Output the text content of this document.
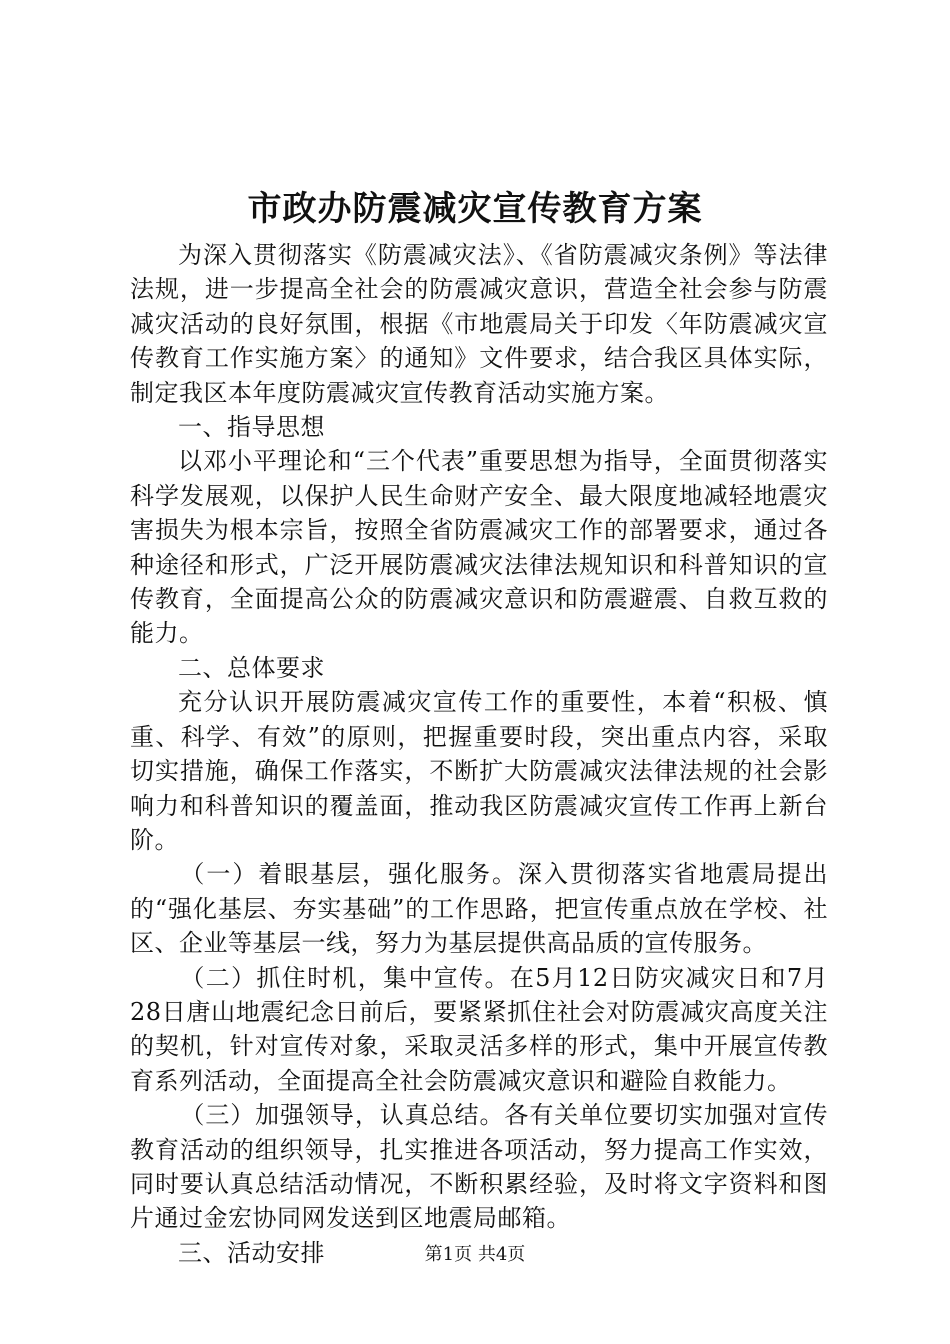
市政办防震减灾宣传教育方案

为深入贯彻落实《防震减灾法》、《省防震减灾条例》等法律法规，进一步提高全社会的防震减灾意识，营造全社会参与防震减灾活动的良好氛围，根据《市地震局关于印发〈年防震减灾宣传教育工作实施方案〉的通知》文件要求，结合我区具体实际，制定我区本年度防震减灾宣传教育活动实施方案。

一、指导思想

以邓小平理论和“三个代表”重要思想为指导，全面贯彻落实科学发展观，以保护人民生命财产安全、最大限度地减轻地震灾害损失为根本宗旨，按照全省防震减灾工作的部署要求，通过各种途径和形式，广泛开展防震减灾法律法规知识和科普知识的宣传教育，全面提高公众的防震减灾意识和防震避震、自救互救的能力。

二、总体要求

充分认识开展防震减灾宣传工作的重要性，本着“积极、慎重、科学、有效”的原则，把握重要时段，突出重点内容，采取切实措施，确保工作落实，不断扩大防震减灾法律法规的社会影响力和科普知识的覆盖面，推动我区防震减灾宣传工作再上新台阶。

（一）着眼基层，强化服务。深入贯彻落实省地震局提出的“强化基层、夯实基础”的工作思路，把宣传重点放在学校、社区、企业等基层一线，努力为基层提供高品质的宣传服务。

（二）抓住时机，集中宣传。在5月12日防灾减灾日和7月28日唐山地震纪念日前后，要紧紧抓住社会对防震减灾高度关注的契机，针对宣传对象，采取灵活多样的形式，集中开展宣传教育系列活动，全面提高全社会防震减灾意识和避险自救能力。

（三）加强领导，认真总结。各有关单位要切实加强对宣传教育活动的组织领导，扎实推进各项活动，努力提高工作实效，同时要认真总结活动情况，不断积累经验，及时将文字资料和图片通过金宏协同网发送到区地震局邮箱。

三、活动安排	第1页 共4页
